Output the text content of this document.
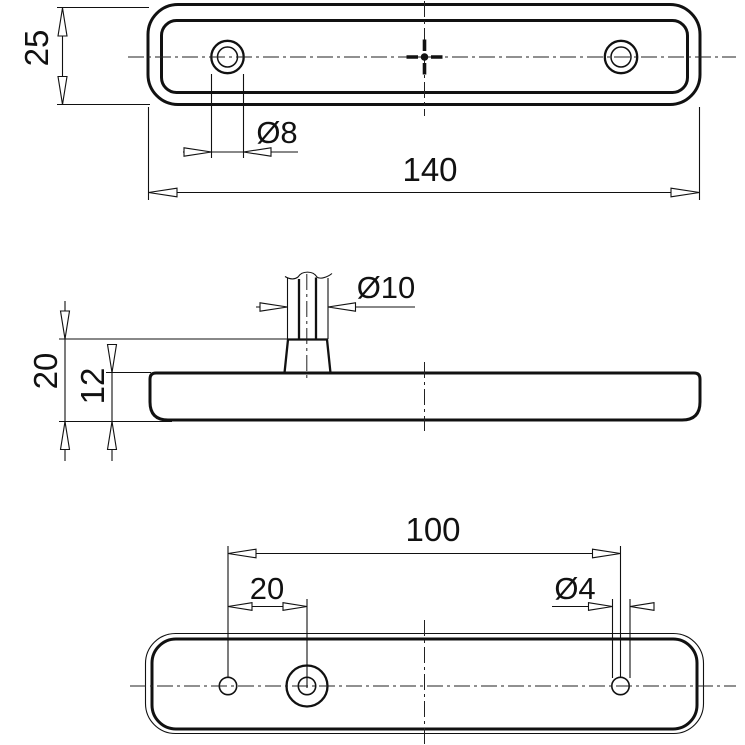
25
Ø8
140
Ø10
20 12
100
20	Ø4
